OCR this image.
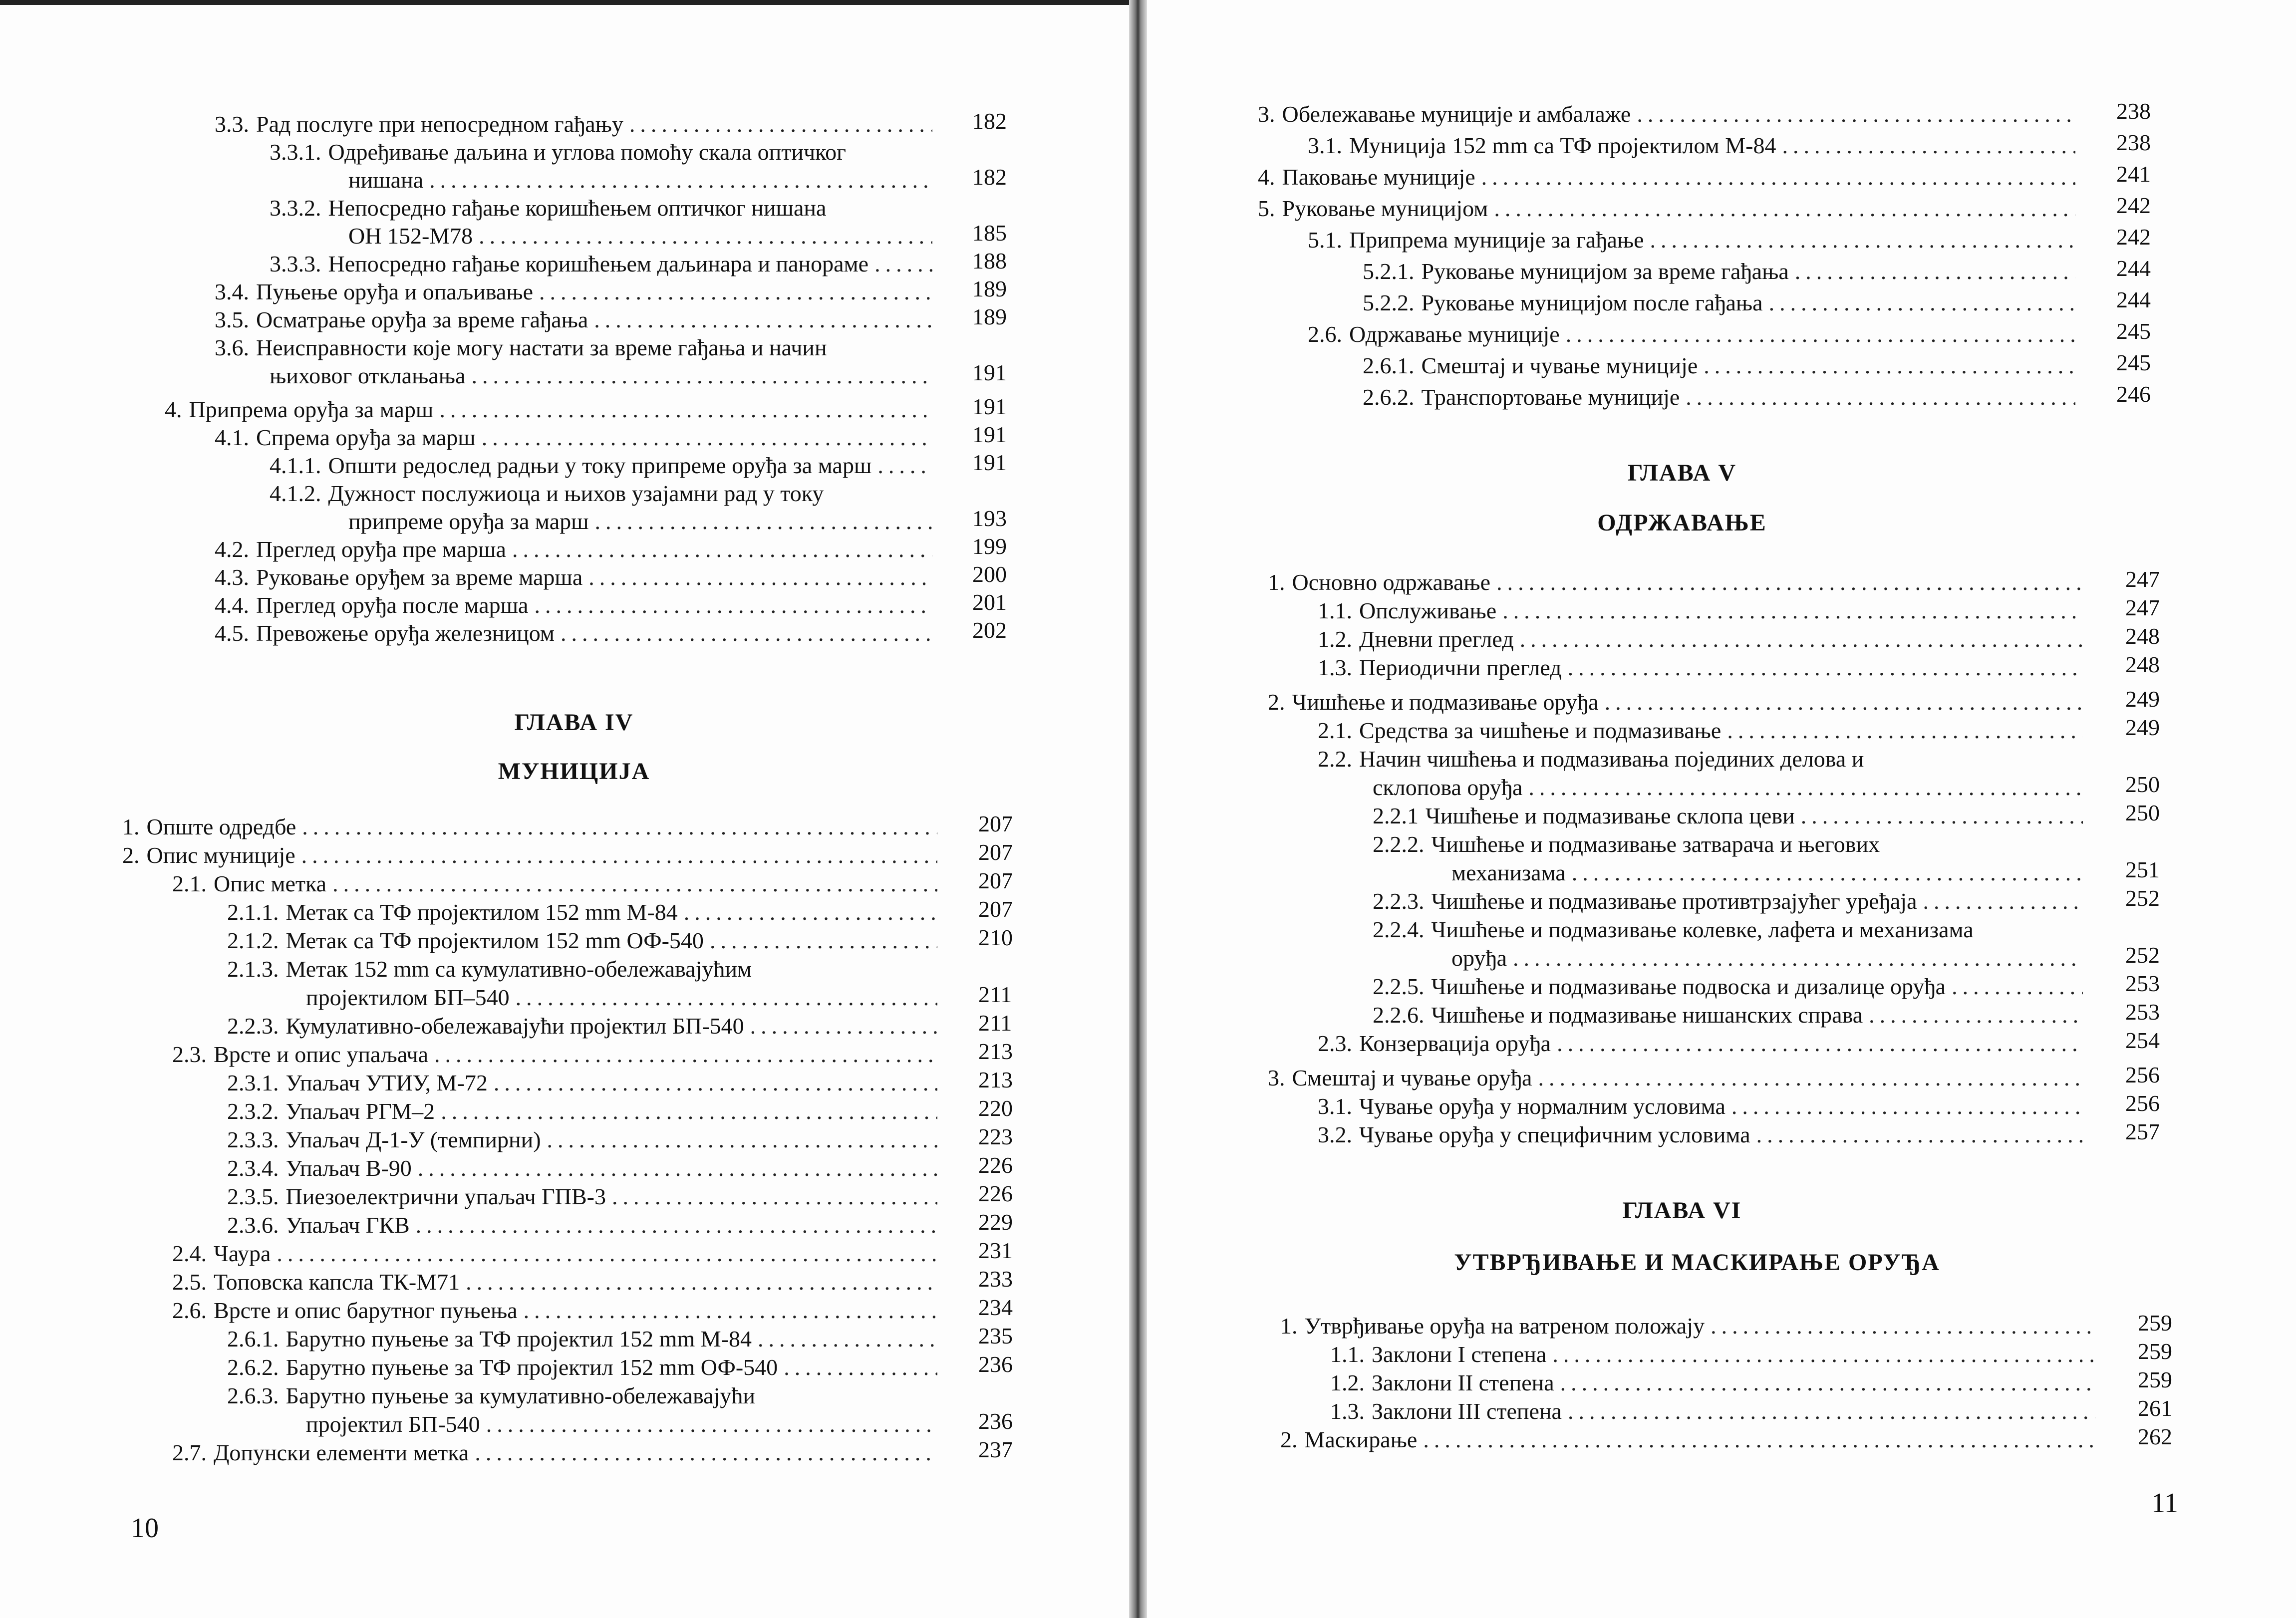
ГЛАВА IV
МУНИЦИЈА
ГЛАВА V
ОДРЖАВАЊЕ
ГЛАВА VI
УТВРЂИВАЊЕ И МАСКИРАЊЕ ОРУЂА
10
11
3.3. Рад послуге при непосредном гађању .....	182
3.3.1. Одређивање даљина и углова помоћу скала оптичког
нишана .....	182
3.3.2. Непосредно гађање коришћењем оптичког нишана
ОН 152-М78 .....	185
3.3.3. Непосредно гађање коришћењем даљинара и панораме .....	188
3.4. Пуњење оруђа и опаљивање .....	189
3.5. Осматрање оруђа за време гађања .....	189
3.6. Неисправности које могу настати за време гађања и начин
њиховог отклањања .....	191
4. Припрема оруђа за марш .....	191
4.1. Спрема оруђа за марш .....	191
4.1.1. Општи редослед радњи у току припреме оруђа за марш .....	191
4.1.2. Дужност послужиоца и њихов узајамни рад у току
припреме оруђа за марш .....	193
4.2. Преглед оруђа пре марша .....	199
4.3. Руковање оруђем за време марша .....	200
4.4. Преглед оруђа после марша .....	201
4.5. Превожење оруђа железницом .....	202
1. Опште одредбе .....	207
2. Опис муниције .....	207
2.1. Опис метка .....	207
2.1.1. Метак са ТФ пројектилом 152 mm М-84 .....	207
2.1.2. Метак са ТФ пројектилом 152 mm ОФ-540 .....	210
2.1.3. Метак 152 mm са кумулативно-обележавајућим
пројектилом БП–540 .....	211
2.2.3. Кумулативно-обележавајући пројектил БП-540 .....	211
2.3. Врсте и опис упаљача .....	213
2.3.1. Упаљач УТИУ, М-72 .....	213
2.3.2. Упаљач РГМ–2 .....	220
2.3.3. Упаљач Д-1-У (темпирни) .....	223
2.3.4. Упаљач В-90 .....	226
2.3.5. Пиезоелектрични упаљач ГПВ-3 .....	226
2.3.6. Упаљач ГКВ .....	229
2.4. Чаура .....	231
2.5. Топовска капсла ТК-М71 .....	233
2.6. Врсте и опис барутног пуњења .....	234
2.6.1. Барутно пуњење за ТФ пројектил 152 mm М-84 .....	235
2.6.2. Барутно пуњење за ТФ пројектил 152 mm ОФ-540 .....	236
2.6.3. Барутно пуњење за кумулативно-обележавајући
пројектил БП-540 .....	236
2.7. Допунски елементи метка .....	237
3. Обележавање муниције и амбалаже .....	238
3.1. Муниција 152 mm са ТФ пројектилом М-84 .....	238
4. Паковање муниције .....	241
5. Руковање муницијом .....	242
5.1. Припрема муниције за гађање .....	242
5.2.1. Руковање муницијом за време гађања .....	244
5.2.2. Руковање муницијом после гађања .....	244
2.6. Одржавање муниције .....	245
2.6.1. Смештај и чување муниције .....	245
2.6.2. Транспортовање муниције .....	246
1. Основно одржавање .....	247
1.1. Опслуживање .....	247
1.2. Дневни преглед .....	248
1.3. Периодични преглед .....	248
2. Чишћење и подмазивање оруђа .....	249
2.1. Средства за чишћење и подмазивање .....	249
2.2. Начин чишћења и подмазивања појединих делова и
склопова оруђа .....	250
2.2.1 Чишћење и подмазивање склопа цеви .....	250
2.2.2. Чишћење и подмазивање затварача и његових
механизама .....	251
2.2.3. Чишћење и подмазивање противтрзајућег уређаја .....	252
2.2.4. Чишћење и подмазивање колевке, лафета и механизама
оруђа .....	252
2.2.5. Чишћење и подмазивање подвоска и дизалице оруђа .....	253
2.2.6. Чишћење и подмазивање нишанских справа .....	253
2.3. Конзервација оруђа .....	254
3. Смештај и чување оруђа .....	256
3.1. Чување оруђа у нормалним условима .....	256
3.2. Чување оруђа у специфичним условима .....	257
1. Утврђивање оруђа на ватреном положају .....	259
1.1. Заклони I степена .....	259
1.2. Заклони II степена .....	259
1.3. Заклони III степена .....	261
2. Маскирање .....	262
